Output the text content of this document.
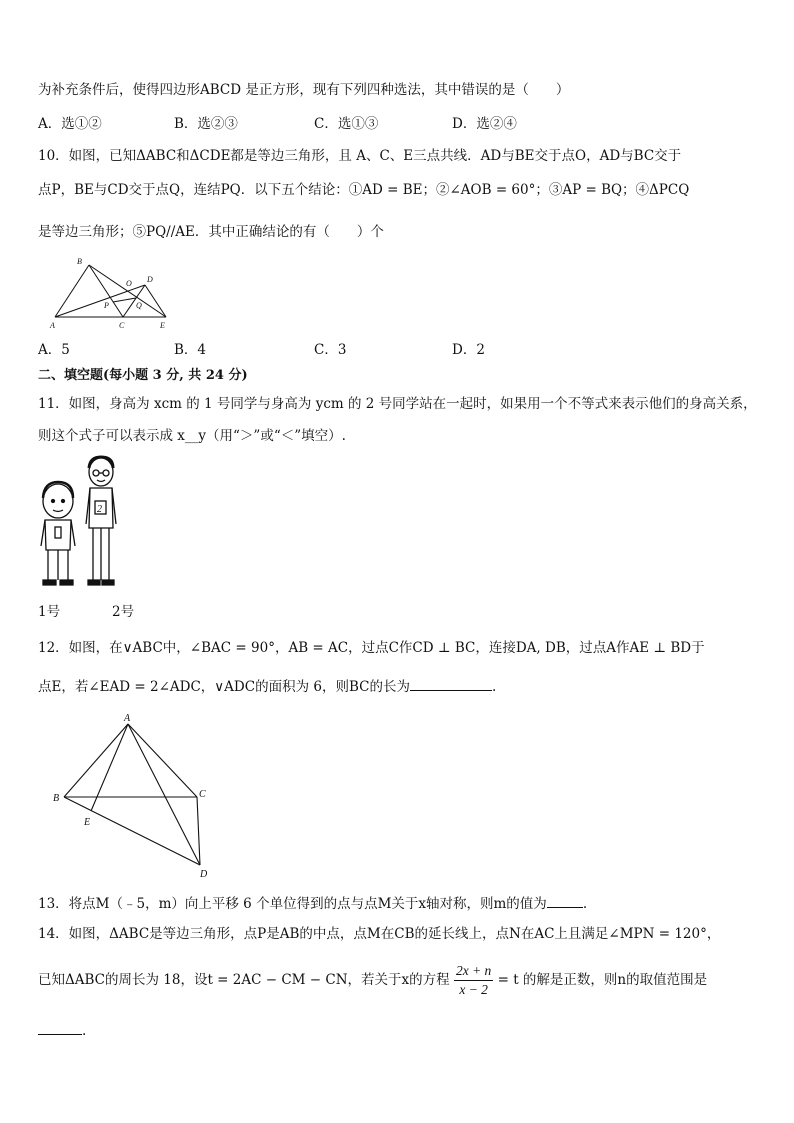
为补充条件后，使得四边形ABCD 是正方形，现有下列四种选法，其中错误的是（　　）
A．选①②	B．选②③	C．选①③	D．选②④
10．如图，已知ΔABC和ΔCDE都是等边三角形，且 A、C、E三点共线．AD与BE交于点O，AD与BC交于
点P，BE与CD交于点Q，连结PQ．以下五个结论：①AD = BE；②∠AOB = 60°；③AP = BQ；④ΔPCQ
是等边三角形；⑤PQ//AE．其中正确结论的有（　　）个
B
D
O
P	Q
A	C	E
A．5	B．4	C．3	D．2
二、填空题(每小题 3 分, 共 24 分)
11．如图，身高为 xcm 的 1 号同学与身高为 ycm 的 2 号同学站在一起时，如果用一个不等式来表示他们的身高关系，
则这个式子可以表示成 x__y（用“＞”或“＜”填空）.
2
1号	2号
12．如图，在∨ABC中，∠BAC = 90°，AB = AC，过点C作CD ⊥ BC，连接DA, DB，过点A作AE ⊥ BD于
点E，若∠EAD = 2∠ADC，∨ADC的面积为 6，则BC的长为	.
A
B	C
E
D
13．将点M（﹣5，m）向上平移 6 个单位得到的点与点M关于x轴对称，则m的值为	.
14．如图，ΔABC是等边三角形，点P是AB的中点，点M在CB的延长线上，点N在AC上且满足∠MPN = 120°，
已知ΔABC的周长为 18，设t = 2AC − CM − CN，若关于x的方程 $\frac{2x + n}{x - 2} = t$ 的解是正数，则n的取值范围是
.
